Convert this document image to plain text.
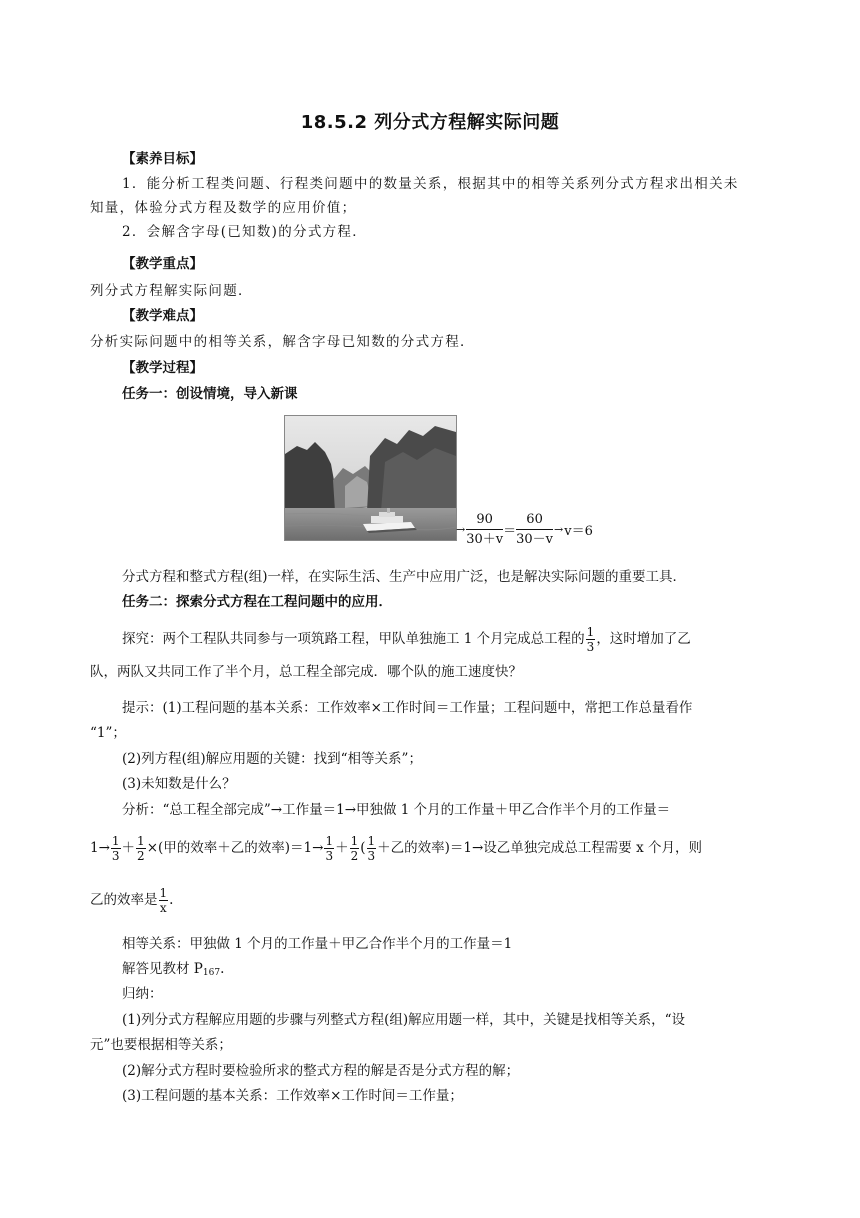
18.5.2 列分式方程解实际问题
【素养目标】
1．能分析工程类问题、行程类问题中的数量关系，根据其中的相等关系列分式方程求出相关未
知量，体验分式方程及数学的应用价值；
2．会解含字母(已知数)的分式方程．
【教学重点】
列分式方程解实际问题．
【教学难点】
分析实际问题中的相等关系，解含字母已知数的分式方程．
【教学过程】
任务一：创设情境，导入新课
→ $\frac{90}{30+v} = \frac{60}{30-v} \to v=6$
分式方程和整式方程(组)一样，在实际生活、生产中应用广泛，也是解决实际问题的重要工具．
任务二：探索分式方程在工程问题中的应用．
探究：两个工程队共同参与一项筑路工程，甲队单独施工 1 个月完成总工程的 $\frac{1}{3}$ ，这时增加了乙
队，两队又共同工作了半个月，总工程全部完成．哪个队的施工速度快？
提示：(1)工程问题的基本关系：工作效率×工作时间＝工作量；工程问题中，常把工作总量看作
“1”；
(2)列方程(组)解应用题的关键：找到“相等关系”；
(3)未知数是什么？
分析：“总工程全部完成”→工作量＝1→甲独做 1 个月的工作量＋甲乙合作半个月的工作量＝
$1\to \frac{1}{3} + \frac{1}{2}$ ×(甲的效率＋乙的效率)$=1\to \frac{1}{3} + \frac{1}{2}$ ( $\frac{1}{3}$ ＋乙的效率)＝1→设乙单独完成总工程需要 x 个月，则
乙的效率是 $\frac{1}{x}$ .
相等关系：甲独做 1 个月的工作量＋甲乙合作半个月的工作量＝1
解答见教材 $P_{167}$.
归纳：
(1)列分式方程解应用题的步骤与列整式方程(组)解应用题一样，其中，关键是找相等关系，“设
元”也要根据相等关系；
(2)解分式方程时要检验所求的整式方程的解是否是分式方程的解；
(3)工程问题的基本关系：工作效率×工作时间＝工作量；
